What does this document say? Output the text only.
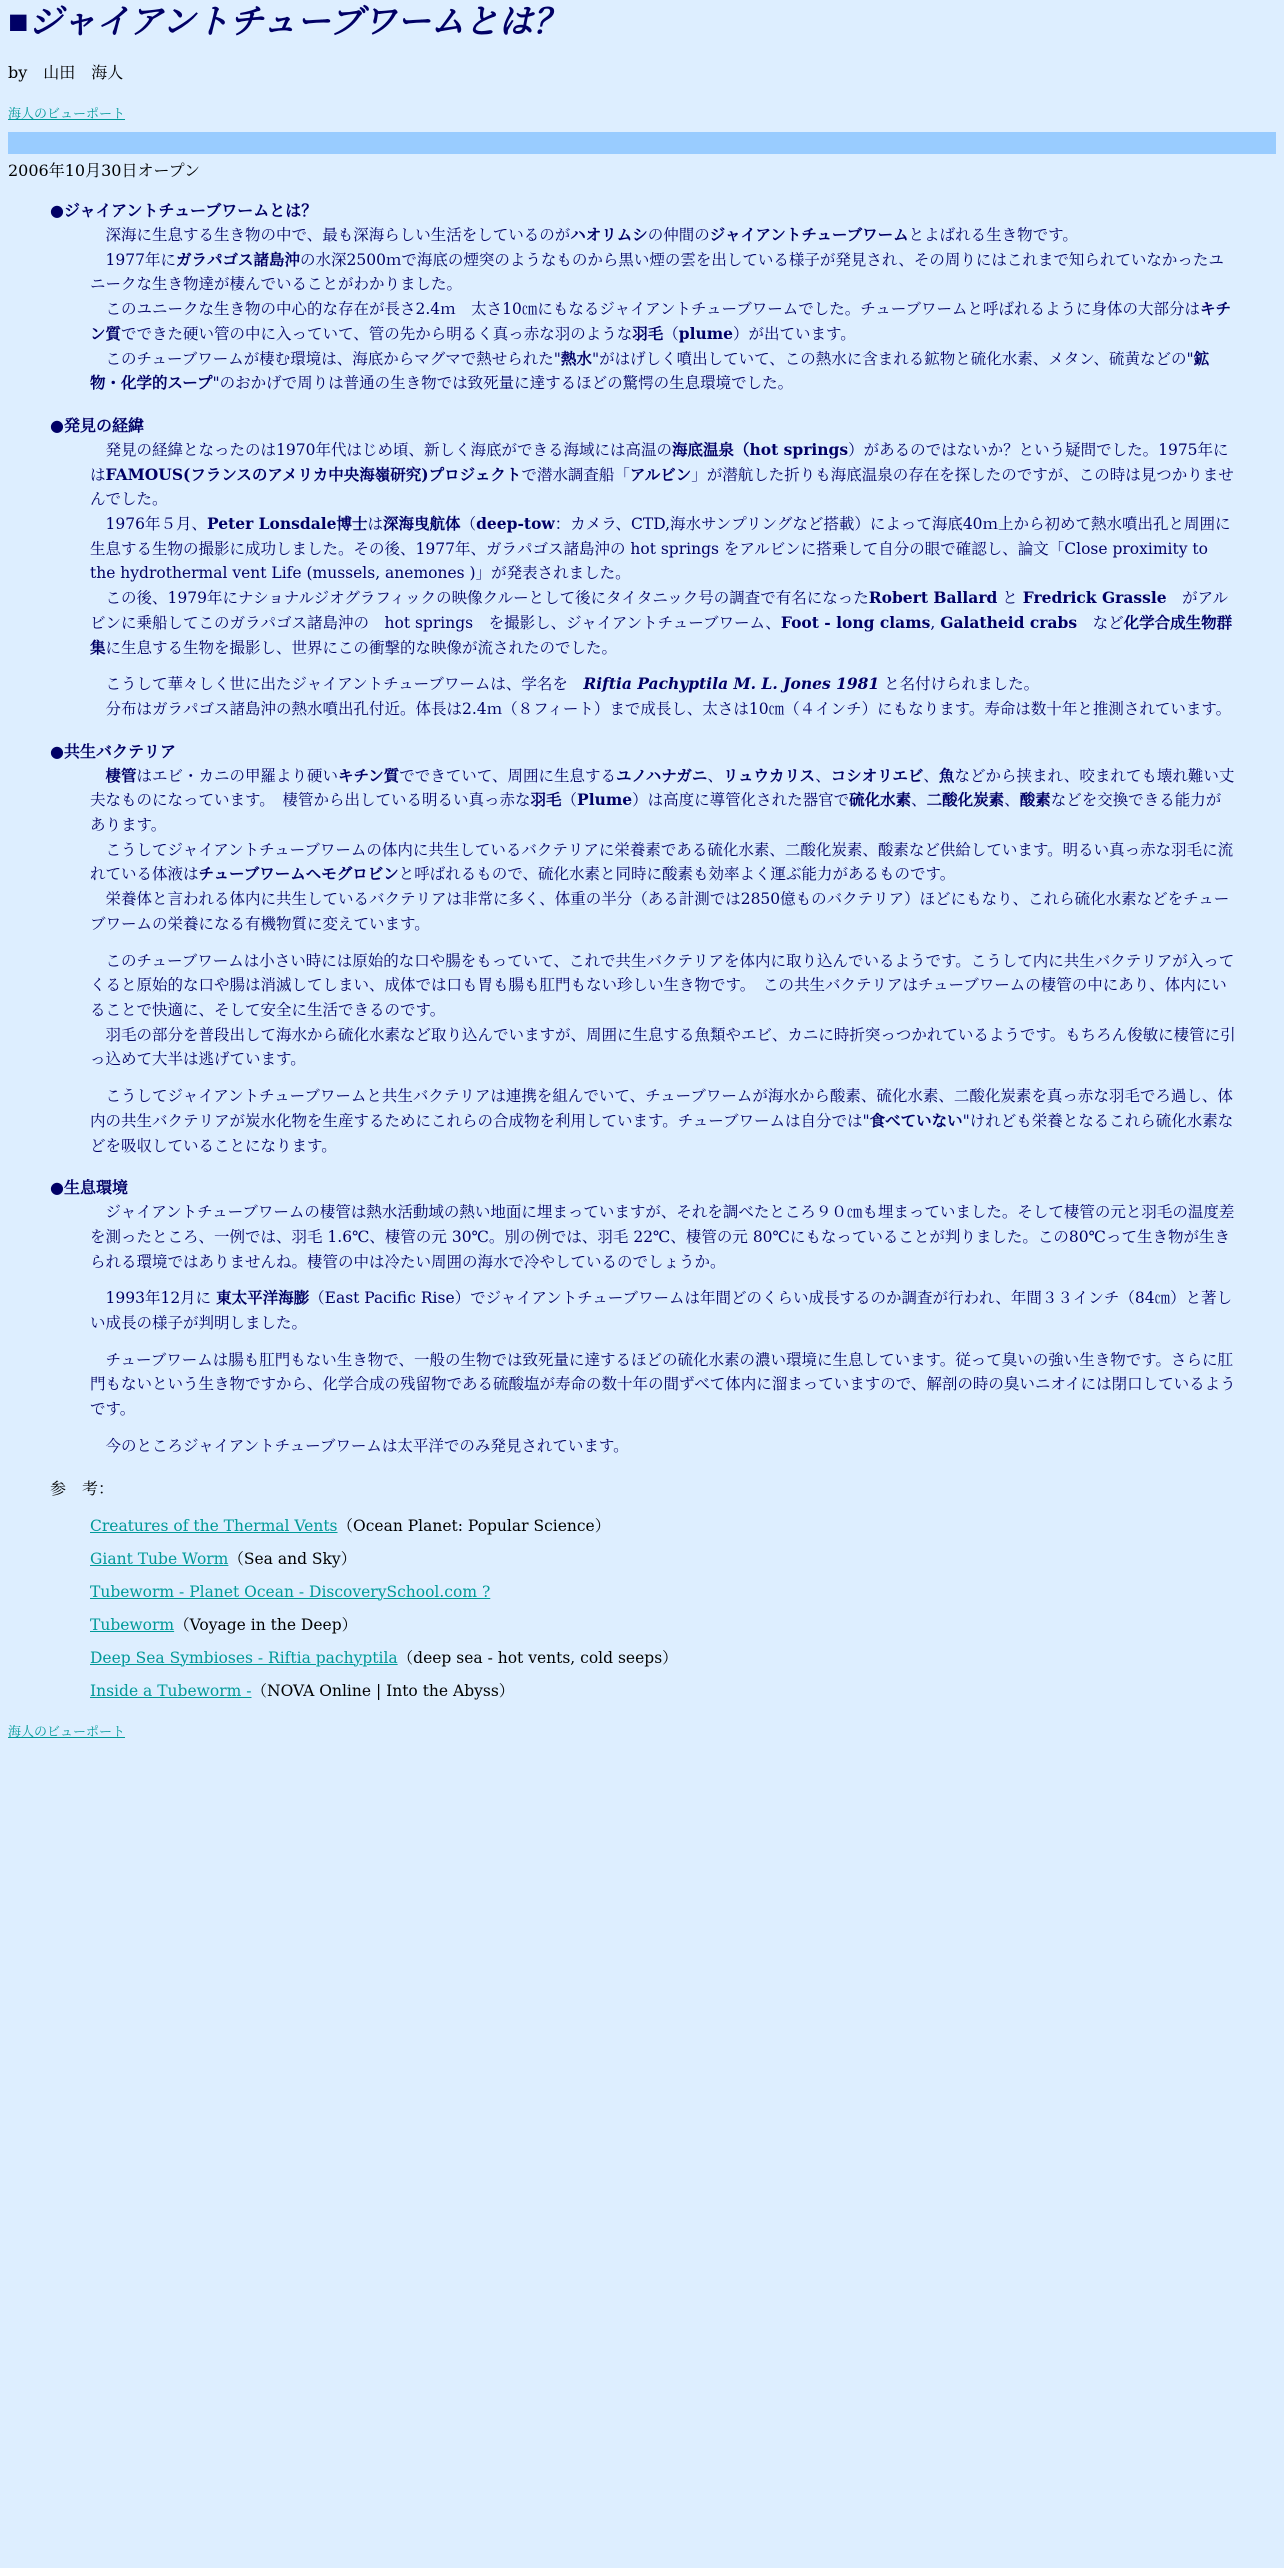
■ジャイアントチューブワームとは？
by　山田　海人
海人のビューポート
2006年10月30日オープン
●ジャイアントチューブワームとは？

　深海に生息する生き物の中で、最も深海らしい生活をしているのがハオリムシの仲間のジャイアントチューブワームとよばれる生き物です。

　1977年にガラパゴス諸島沖の水深2500ｍで海底の煙突のようなものから黒い煙の雲を出している様子が発見され、その周りにはこれまで知られていなかったユニークな生き物達が棲んでいることがわかりました。

　このユニークな生き物の中心的な存在が長さ2.4ｍ　太さ10㎝にもなるジャイアントチューブワームでした。チューブワームと呼ばれるように身体の大部分はキチン質でできた硬い管の中に入っていて、管の先から明るく真っ赤な羽のような羽毛（plume）が出ています。

　このチューブワームが棲む環境は、海底からマグマで熱せられた"熱水"がはげしく噴出していて、この熱水に含まれる鉱物と硫化水素、メタン、硫黄などの"鉱物・化学的スープ"のおかげで周りは普通の生き物では致死量に達するほどの驚愕の生息環境でした。

●発見の経緯

　発見の経緯となったのは1970年代はじめ頃、新しく海底ができる海域には高温の海底温泉（hot springs）があるのではないか？という疑問でした。1975年にはFAMOUS(フランスのアメリカ中央海嶺研究)プロジェクトで潜水調査船「アルビン」が潜航した折りも海底温泉の存在を探したのですが、この時は見つかりませんでした。

　1976年５月、Peter Lonsdale博士は深海曳航体（deep-tow：カメラ、CTD,海水サンプリングなど搭載）によって海底40ｍ上から初めて熱水噴出孔と周囲に生息する生物の撮影に成功しました。その後、1977年、ガラパゴス諸島沖の hot springs をアルビンに搭乗して自分の眼で確認し、論文「Close proximity to the hydrothermal vent Life (mussels, anemones )」が発表されました。

　この後、1979年にナショナルジオグラフィックの映像クルーとして後にタイタニック号の調査で有名になったRobert Ballard と Fredrick Grassle　がアルビンに乗船してこのガラパゴス諸島沖の　hot springs　を撮影し、ジャイアントチューブワーム、Foot - long clams, Galatheid crabs　など化学合成生物群集に生息する生物を撮影し、世界にこの衝撃的な映像が流されたのでした。

　こうして華々しく世に出たジャイアントチューブワームは、学名を　Riftia Pachyptila M. L. Jones 1981 と名付けられました。

　分布はガラパゴス諸島沖の熱水噴出孔付近。体長は2.4ｍ（８フィート）まで成長し、太さは10㎝（４インチ）にもなります。寿命は数十年と推測されています。

●共生バクテリア

　棲管はエビ・カニの甲羅より硬いキチン質でできていて、周囲に生息するユノハナガニ、リュウカリス、コシオリエビ、魚などから挟まれ、咬まれても壊れ難い丈夫なものになっています。　棲管から出している明るい真っ赤な羽毛（Plume）は高度に導管化された器官で硫化水素、二酸化炭素、酸素などを交換できる能力があります。

　こうしてジャイアントチューブワームの体内に共生しているバクテリアに栄養素である硫化水素、二酸化炭素、酸素など供給しています。明るい真っ赤な羽毛に流れている体液はチューブワームヘモグロビンと呼ばれるもので、硫化水素と同時に酸素も効率よく運ぶ能力があるものです。

　栄養体と言われる体内に共生しているバクテリアは非常に多く、体重の半分（ある計測では2850億ものバクテリア）ほどにもなり、これら硫化水素などをチューブワームの栄養になる有機物質に変えています。

　このチューブワームは小さい時には原始的な口や腸をもっていて、これで共生バクテリアを体内に取り込んでいるようです。こうして内に共生バクテリアが入ってくると原始的な口や腸は消滅してしまい、成体では口も胃も腸も肛門もない珍しい生き物です。　この共生バクテリアはチューブワームの棲管の中にあり、体内にいることで快適に、そして安全に生活できるのです。

　羽毛の部分を普段出して海水から硫化水素など取り込んでいますが、周囲に生息する魚類やエビ、カニに時折突っつかれているようです。もちろん俊敏に棲管に引っ込めて大半は逃げています。

　こうしてジャイアントチューブワームと共生バクテリアは連携を組んでいて、チューブワームが海水から酸素、硫化水素、二酸化炭素を真っ赤な羽毛でろ過し、体内の共生バクテリアが炭水化物を生産するためにこれらの合成物を利用しています。チューブワームは自分では"食べていない"けれども栄養となるこれら硫化水素などを吸収していることになります。

●生息環境

　ジャイアントチューブワームの棲管は熱水活動域の熱い地面に埋まっていますが、それを調べたところ９０㎝も埋まっていました。そして棲管の元と羽毛の温度差を測ったところ、一例では、羽毛 1.6℃、棲管の元 30℃。別の例では、羽毛 22℃、棲管の元 80℃にもなっていることが判りました。この80℃って生き物が生きられる環境ではありませんね。棲管の中は冷たい周囲の海水で冷やしているのでしょうか。

　1993年12月に 東太平洋海膨（East Pacific Rise）でジャイアントチューブワームは年間どのくらい成長するのか調査が行われ、年間３３インチ（84㎝）と著しい成長の様子が判明しました。

　チューブワームは腸も肛門もない生き物で、一般の生物では致死量に達するほどの硫化水素の濃い環境に生息しています。従って臭いの強い生き物です。さらに肛門もないという生き物ですから、化学合成の残留物である硫酸塩が寿命の数十年の間ずべて体内に溜まっていますので、解剖の時の臭いニオイには閉口しているようです。

　今のところジャイアントチューブワームは太平洋でのみ発見されています。

参　考：
Creatures of the Thermal Vents（Ocean Planet: Popular Science）
Giant Tube Worm（Sea and Sky）
Tubeworm - Planet Ocean - DiscoverySchool.com ?
Tubeworm（Voyage in the Deep）
Deep Sea Symbioses - Riftia pachyptila（deep sea - hot vents, cold seeps）
Inside a Tubeworm -（NOVA Online | Into the Abyss）
海人のビューポート
